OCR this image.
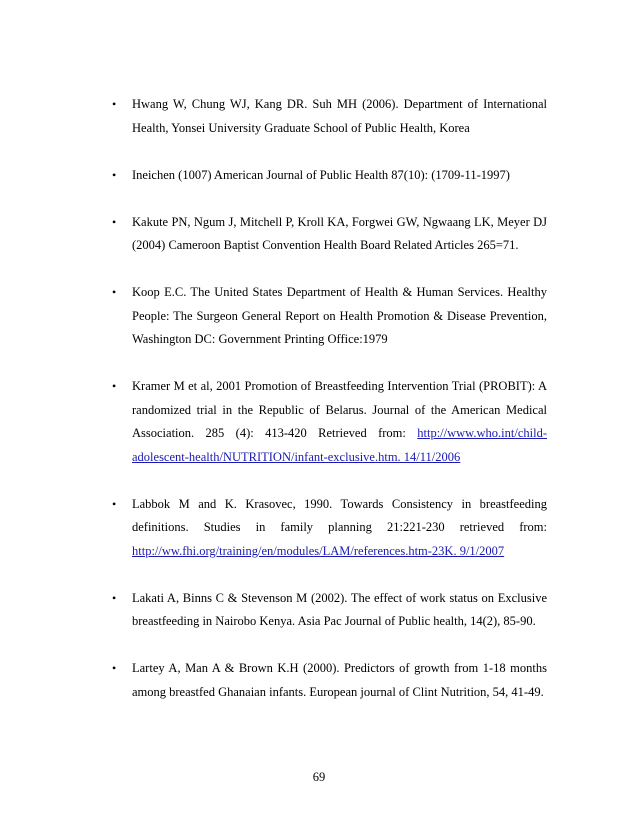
• Hwang W, Chung WJ, Kang DR. Suh MH (2006). Department of International Health, Yonsei University Graduate School of Public Health, Korea
• Ineichen (1007) American Journal of Public Health 87(10): (1709-11-1997)
• Kakute PN, Ngum J, Mitchell P, Kroll KA, Forgwei GW, Ngwaang LK, Meyer DJ (2004) Cameroon Baptist Convention Health Board Related Articles 265=71.
• Koop E.C. The United States Department of Health & Human Services. Healthy People: The Surgeon General Report on Health Promotion & Disease Prevention, Washington DC: Government Printing Office:1979
• Kramer M et al, 2001 Promotion of Breastfeeding Intervention Trial (PROBIT): A randomized trial in the Republic of Belarus. Journal of the American Medical Association. 285 (4): 413-420 Retrieved from: http://www.who.int/child-adolescent-health/NUTRITION/infant-exclusive.htm. 14/11/2006
• Labbok M and K. Krasovec, 1990. Towards Consistency in breastfeeding definitions. Studies in family planning 21:221-230 retrieved from: http://ww.fhi.org/training/en/modules/LAM/references.htm-23K. 9/1/2007
• Lakati A, Binns C & Stevenson M (2002). The effect of work status on Exclusive breastfeeding in Nairobo Kenya. Asia Pac Journal of Public health, 14(2), 85-90.
• Lartey A, Man A & Brown K.H (2000). Predictors of growth from 1-18 months among breastfed Ghanaian infants. European journal of Clint Nutrition, 54, 41-49.
69
